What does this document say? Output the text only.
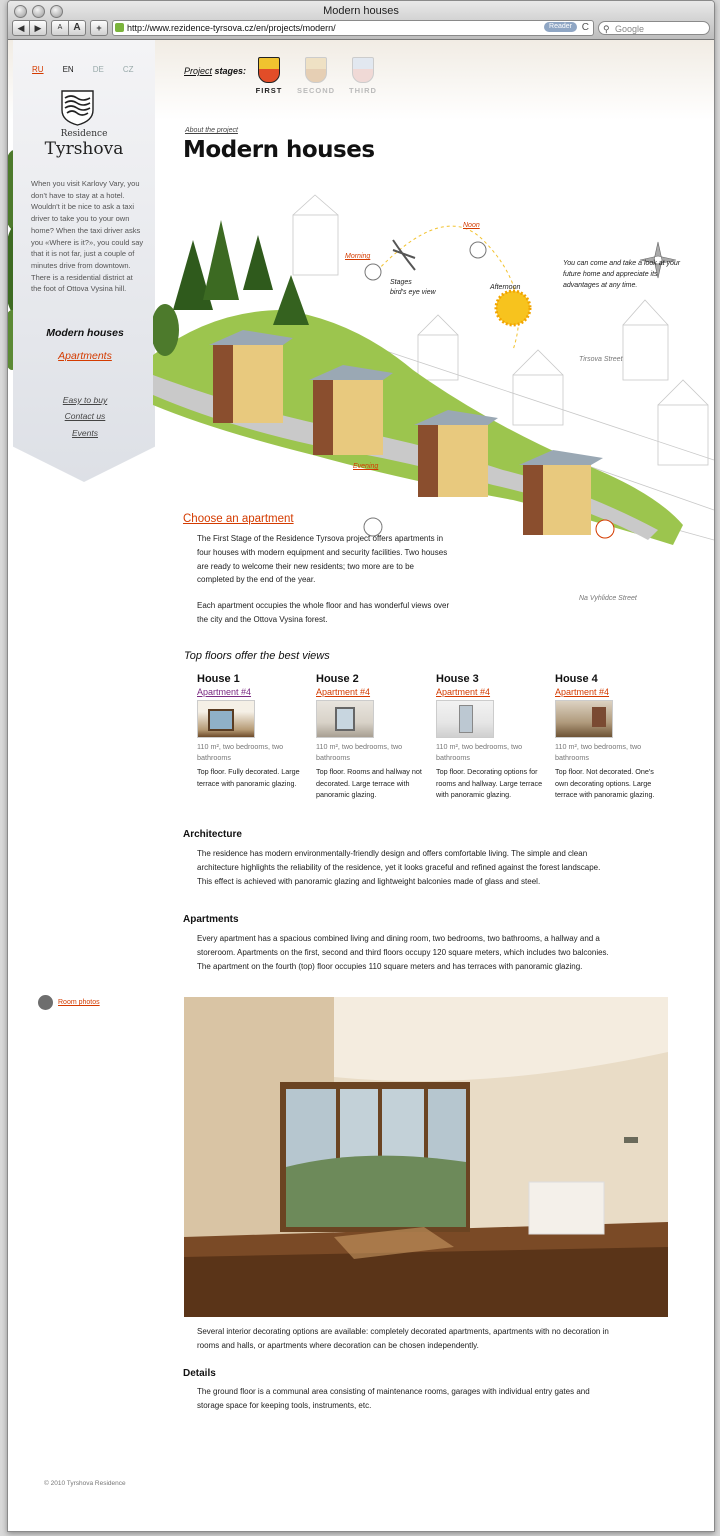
Modern houses
◀	▶	A	A	+	http://www.rezidence-tyrsova.cz/en/projects/modern/	Reader C ⚲ Google
RU EN DE CZ
Residence
Tyrshova
When you visit Karlovy Vary, you don't have to stay at a hotel. Wouldn't it be nice to ask a taxi driver to take you to your own home? When the taxi driver asks you «Where is it?», you could say that it is not far, just a couple of minutes drive from downtown. There is a residential district at the foot of Ottova Vysina hill.
Modern houses
Apartments
Easy to buy
Contact us
Events
Project stages:
FIRST	SECOND	THIRD
About the project
Modern houses
Morning
Noon
Afternoon
Evening
Stages
bird's eye view
You can come and take a look at your future home and appreciate its advantages at any time.
Tirsova Street
Na Vyhlidce Street
Choose an apartment
The First Stage of the Residence Tyrsova project offers apartments in four houses with modern equipment and security facilities. Two houses are ready to welcome their new residents; two more are to be completed by the end of the year.
Each apartment occupies the whole floor and has wonderful views over the city and the Ottova Vysina forest.
Top floors offer the best views
House 1
Apartment #4
110 m², two bedrooms, two bathrooms
Top floor. Fully decorated. Large terrace with panoramic glazing.
House 2
Apartment #4
110 m², two bedrooms, two bathrooms
Top floor. Rooms and hallway not decorated. Large terrace with panoramic glazing.
House 3
Apartment #4
110 m², two bedrooms, two bathrooms
Top floor. Decorating options for rooms and hallway. Large terrace with panoramic glazing.
House 4
Apartment #4
110 m², two bedrooms, two bathrooms
Top floor. Not decorated. One's own decorating options. Large terrace with panoramic glazing.
Architecture
The residence has modern environmentally-friendly design and offers comfortable living. The simple and clean architecture highlights the reliability of the residence, yet it looks graceful and refined against the forest landscape. This effect is achieved with panoramic glazing and lightweight balconies made of glass and steel.
Apartments
Every apartment has a spacious combined living and dining room, two bedrooms, two bathrooms, a hallway and a storeroom. Apartments on the first, second and third floors occupy 120 square meters, which includes two balconies. The apartment on the fourth (top) floor occupies 110 square meters and has terraces with panoramic glazing.
Room photos
Several interior decorating options are available: completely decorated apartments, apartments with no decoration in rooms and halls, or apartments where decoration can be chosen independently.
Details
The ground floor is a communal area consisting of maintenance rooms, garages with individual entry gates and storage space for keeping tools, instruments, etc.
© 2010 Tyrshova Residence
